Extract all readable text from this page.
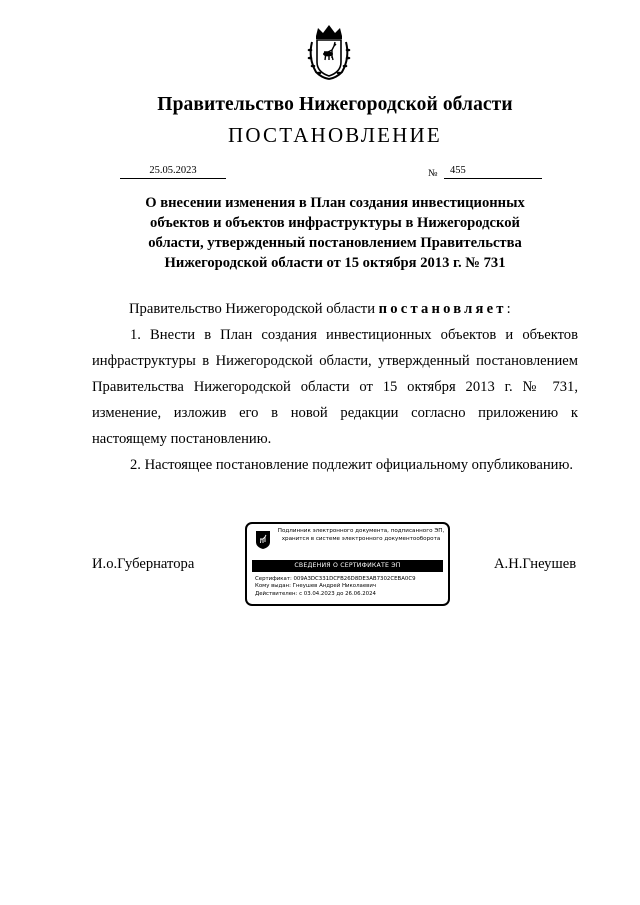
Правительство Нижегородской области
ПОСТАНОВЛЕНИЕ
25.05.2023	№	455
О внесении изменения в План создания инвестиционных
объектов и объектов инфраструктуры в Нижегородской
области, утвержденный постановлением Правительства
Нижегородской области от 15 октября 2013 г. № 731

Правительство Нижегородской области постановляет:

1. Внести в План создания инвестиционных объектов и объектов инфраструктуры в Нижегородской области, утвержденный постановлением Правительства Нижегородской области от 15 октября 2013 г. № 731, изменение, изложив его в новой редакции согласно приложению к настоящему постановлению.

2. Настоящее постановление подлежит официальному опубликованию.

И.о.Губернатора	А.Н.Гнеушев
Подлинник электронного документа, подписанного ЭП,
хранится в системе электронного документооборота
СВЕДЕНИЯ О СЕРТИФИКАТЕ ЭП
Сертификат: 009A3DC331DCFB26D8DE3AB7302CEBA0C9
Кому выдан: Гнеушев Андрей Николаевич
Действителен: с 03.04.2023 до 26.06.2024
